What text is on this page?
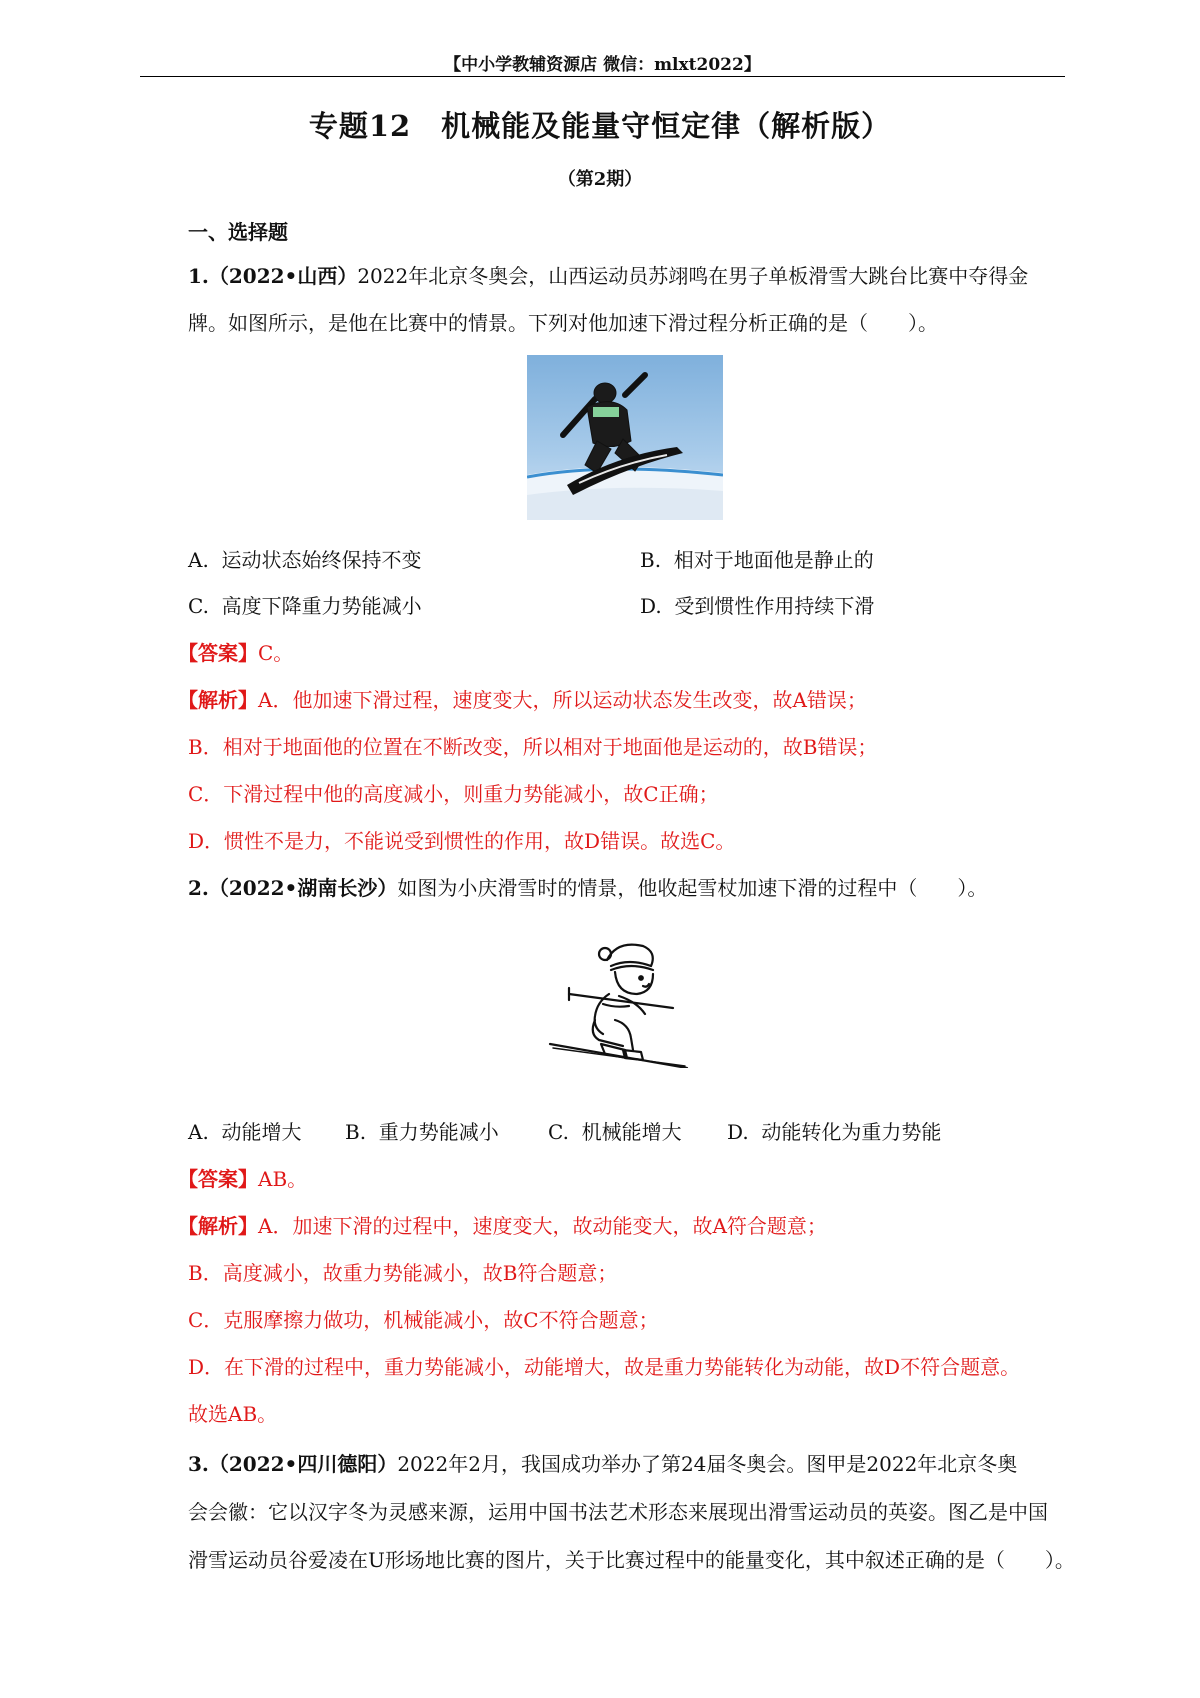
【中小学教辅资源店 微信：mlxt2022】
专题12　机械能及能量守恒定律（解析版）
（第2期）
一、选择题
1.（2022•山西）2022年北京冬奥会，山西运动员苏翊鸣在男子单板滑雪大跳台比赛中夺得金
牌。如图所示，是他在比赛中的情景。下列对他加速下滑过程分析正确的是（　　）。
A. 运动状态始终保持不变	B. 相对于地面他是静止的
C. 高度下降重力势能减小	D. 受到惯性作用持续下滑
【答案】C。
【解析】A．他加速下滑过程，速度变大，所以运动状态发生改变，故A错误；
B．相对于地面他的位置在不断改变，所以相对于地面他是运动的，故B错误；
C．下滑过程中他的高度减小，则重力势能减小，故C正确；
D．惯性不是力，不能说受到惯性的作用，故D错误。故选C。
2.（2022•湖南长沙）如图为小庆滑雪时的情景，他收起雪杖加速下滑的过程中（　　）。
A. 动能增大 B. 重力势能减小 C. 机械能增大 D. 动能转化为重力势能
【答案】AB。
【解析】A．加速下滑的过程中，速度变大，故动能变大，故A符合题意；
B．高度减小，故重力势能减小，故B符合题意；
C．克服摩擦力做功，机械能减小，故C不符合题意；
D．在下滑的过程中，重力势能减小，动能增大，故是重力势能转化为动能，故D不符合题意。
故选AB。
3.（2022•四川德阳）2022年2月，我国成功举办了第24届冬奥会。图甲是2022年北京冬奥
会会徽：它以汉字冬为灵感来源，运用中国书法艺术形态来展现出滑雪运动员的英姿。图乙是中国
滑雪运动员谷爱凌在U形场地比赛的图片，关于比赛过程中的能量变化，其中叙述正确的是（　　）。
